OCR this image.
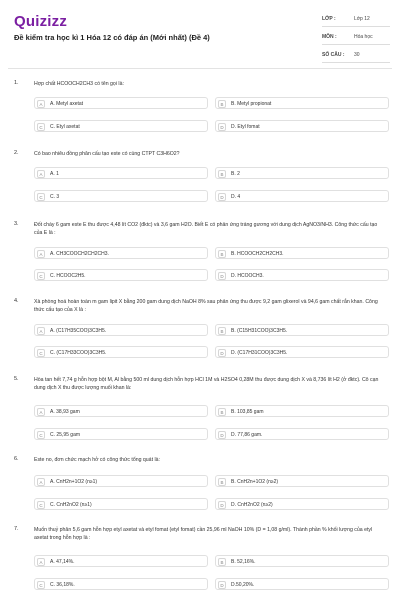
Quizizz
Đề kiểm tra học kì 1 Hóa 12 có đáp án (Mới nhất) (Đề 4)
LỚP :	Lớp 12
MÔN :	Hóa học
SỐ CÂU :	30
1.	Hợp chất HCOOCH2CH3 có tên gọi là:
A	A. Metyl axetat	B	B. Metyl propionat
C	C. Etyl axetat	D	D. Etyl fomat
2.	Có bao nhiêu đồng phân cấu tạo este có cùng CTPT C3H6O2?
A	A. 1	B	B. 2
C	C. 3	D	D. 4
3.	Đốt cháy 6 gam este E thu được 4,48 lít CO2 (đktc) và 3,6 gam H2O. Biết E có phản ứng tráng gương với dung dịch AgNO3/NH3. Công thức cấu tạo của E là :
A	A. CH3COOCH2CH2CH3.	B	B. HCOOCH2CH2CH3.
C	C. HCOOC2H5.	D	D. HCOOCH3.
4.	Xà phòng hoá hoàn toàn m gam lipit X bằng 200 gam dung dịch NaOH 8% sau phản ứng thu được 9,2 gam glixerol và 94,6 gam chất rắn khan. Công thức cấu tạo của X là :
A	A. (C17H35COO)3C3H5.	B	B. (C15H31COO)3C3H5.
C	C. (C17H33COO)3C3H5.	D	D. (C17H31COO)3C3H5.
5.	Hòa tan hết 7,74 g hỗn hợp bột M, Al bằng 500 ml dung dịch hỗn hợp HCl 1M và H2SO4 0,28M thu được dung dịch X và 8,736 lít H2 (ở đktc). Cô cạn dung dịch X thu được lượng muối khan là:
A	A. 38,93 gam	B	B. 103,85 gam
C	C. 25,95 gam	D	D. 77,86 gam.
6.	Este no, đơn chức mạch hở có công thức tổng quát là:
A	A. CnH2n+1O2 (n≥1)	B	B. CnH2n+1O2 (n≥2)
C	C. CnH2nO2 (n≥1)	D	D. CnH2nO2 (n≥2)
7.	Muốn thuỷ phân 5,6 gam hỗn hợp etyl axetat và etyl fomat (etyl fomat) cần 25,96 ml NaOH 10% (D = 1,08 g/ml). Thành phần % khối lượng của etyl axetat trong hỗn hợp là :
A	A. 47,14%.	B	B. 52,16%.
C	C. 36,18%.	D	D.50,20%.
